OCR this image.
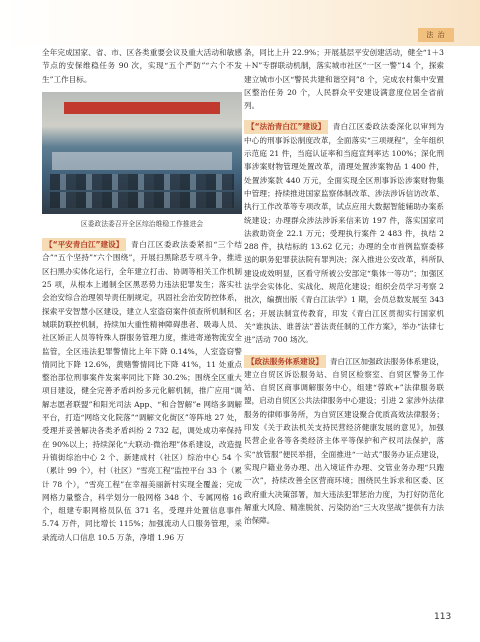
法 治

全年完成国家、省、市、区各类重要会议及重大活动和敏感节点的安保维稳任务 90 次，实现“五个严防”“六个不发生”工作目标。

区委政法委召开全区综治维稳工作推进会

【“平安青白江”建设】 青白江区委政法委紧扣“三个结合”“五个坚持”“六个围绕”，开展扫黑除恶专项斗争，推进区扫黑办实体化运行，全年建立打击、协调等相关工作机制 25 项，从根本上遏制全区黑恶势力违法犯罪发生；落实社会治安综合治理领导责任制规定，巩固社会治安防控体系，探索平安智慧小区建设，建立人室盗窃案件侦查所机制和区城联防联控机制，持续加大重性精神障碍患者、吸毒人员、社区矫正人员等特殊人群服务管理力度，推进寄递物流安全监管，全区违法犯罪警情比上年下降 0.14%，人室盗窃警情同比下降 12.6%，黄赌警情同比下降 41%，11 处重点整治部位刑事案件发案率同比下降 30.2%；围绕全区重大项目建设，健全完善矛盾纠纷多元化解机制，推广应用“调解志愿者联盟”和阳光司法 App、“和合智解”e 网络多调解平台，打造“网络文化院落”“调解文化街区”等阵地 27 处，受理并妥善解决各类矛盾纠纷 2 732 起，调处成功率保持在 90%以上；持续深化“大联动·微治理”体系建设，改造提升镇街综治中心 2 个、新建成村（社区）综治中心 54 个（累计 99 个），村（社区）“雪亮工程”监控平台 33 个（累计 78 个），“雪亮工程”在幸福美丽新村实现全覆盖；完成网格力量整合，科学划分一般网格 348 个、专属网格 16 个，组建专职网格员队伍 371 名，受理并处置信息事件 5.74 万件，同比增长 115%；加强流动人口服务管理，采录流动人口信息 10.5 万条，净增 1.96 万

条，同比上升 22.9%；开展基层平安创建活动，健全“1＋3＋N”专群联动机制，落实城市社区“一区一警”14 个，探索建立城市小区“警民共建和谐空间”8 个，完成农村集中安置区整治任务 20 个，人民群众平安建设满意度位居全省前列。

【“法治青白江”建设】 青白江区委政法委深化以审判为中心的刑事诉讼制度改革，全面落实“三项规程”，全年组织示范庭 21 件，当庭认证率和当庭宣判率达 100%；深化刑事涉案财物管理处置改革，清理处置涉案物品 1 400 件，处置涉案款 440 万元，全面实现全区刑事诉讼涉案财物集中管理；持续推进国家监察体制改革、涉法涉诉信访改革、执行工作改革等专项改革，试点应用大数据智能辅助办案系统建设；办理群众涉法涉诉来信来访 197 件，落实国家司法救助资金 22.1 万元；受理执行案件 2 483 件，执结 2 288 件，执结标的 13.62 亿元；办理的全市首例监察委移送的职务犯罪获法院有罪判决；深入推进公安改革，科所队建设成效明显，区看守所被公安部定“集体一等功”；加强区法学会实体化、实战化、规范化建设；组织会员学习考察 2 批次，编撰出版《青白江法学》1 期，会员总数发展至 343 名；开展法制宣传教育，印发《青白江区贯彻实行国家机关“谁执法、谁普法”普法责任制的工作方案》，举办“法律七进”活动 700 场次。

【政法服务体系建设】 青白江区加强政法服务体系建设，建立自贸区诉讼服务站、自贸区检察室、自贸区警务工作站、自贸区商事调解服务中心，组建“蓉欧+”法律服务联盟，启动自贸区公共法律服务中心建设；引进 2 家涉外法律服务的律师事务所，为自贸区建设聚合优质高效法律服务；印发《关于政法机关支持民营经济健康发展的意见》，加强民营企业各等各类经济主体平等保护和产权司法保护，落实“放管服”便民举措，全面推进“一站式”服务办证点建设，实现户籍业务办理、出入境证件办理、交管业务办理“只跑一次”，持续改善全区营商环境；围绕民生诉求和区委、区政府重大决策部署，加大违法犯罪惩治力度，为打好防范化解重大风险、精准脱贫、污染防治“三大攻坚战”提供有力法治保障。

113
